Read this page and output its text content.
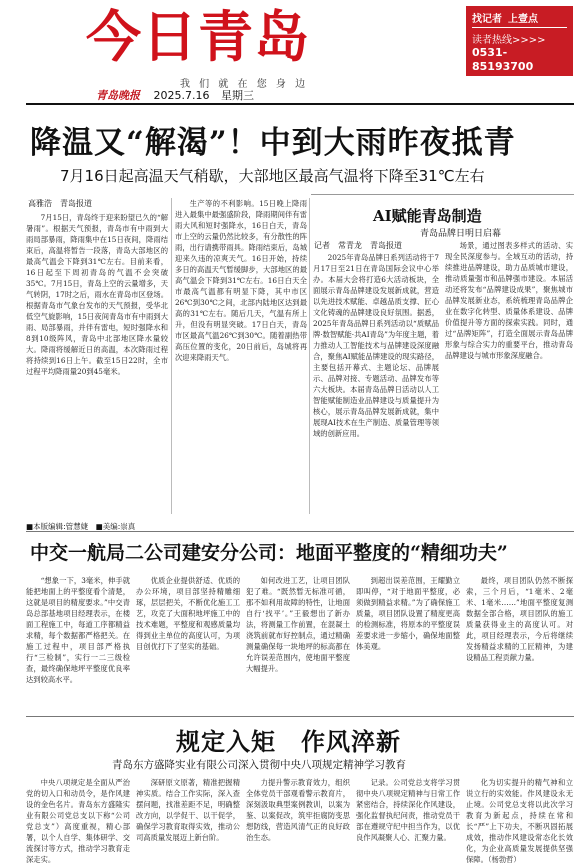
今日青岛
我 们 就 在 您 身 边
青岛晚报 2025.7.16 星期三
找记者 上壹点
读者热线>>>>
0531-85193700
13869196706
降温又“解渴”！中到大雨昨夜抵青
7月16日起高温天气稍歇，大部地区最高气温将下降至31℃左右
高雅浩　青岛报道

7月15日，青岛终于迎来盼望已久的“解暑雨”。根据天气预报，青岛市有中雨到大雨局部暴雨，降雨集中在15日夜间，降雨结束后，高温将暂告一段落，青岛大部地区的最高气温会下降到31℃左右。目前来看，16日起至下周初青岛的气温不会突破35℃。7月15日，青岛上空的云量增多，天气转阴，17时之后，雨水在青岛市区登场。根据青岛市气象台发布的天气预报，受华北低空气旋影响，15日夜间青岛市有中雨到大雨、局部暴雨，并伴有雷电，短时强降水和8到10级阵风，青岛中北部地区降水量较大。降雨将缓解近日的高温，本次降雨过程将持续到16日上午。截至15日22时，全市过程平均降雨量20到45毫米。

生产等的不利影响。15日晚上降雨进入最集中最强盛阶段，降雨期间伴有雷雨大风和短时强降水，16日白天，青岛市上空的云量仍然比较多，有分散性的阵雨，出行请携带雨具。降雨结束后，岛城迎来久违的凉爽天气。16日开始，持续多日的高温天气暂缓脚步，大部地区的最高气温会下降到31℃左右。16日白天全市最高气温都有明显下降，其中市区26℃到30℃之间，北部内陆地区达到最高的31℃左右。随后几天，气温有所上升，但没有明显突破。17日白天，青岛市区最高气温26℃到30℃。随着副热带高压位置的变化，20日前后，岛城将再次迎来降雨天气。

AI赋能青岛制造
青岛品牌日明日启幕
记者　常青龙　青岛报道

2025年青岛品牌日系列活动将于7月17日至21日在青岛国际会议中心举办。本届大会将打造6大活动板块，全面展示青岛品牌建设发展新成就，营造以先进技术赋能、卓越品质支撑、匠心文化铸魂的品牌建设良好氛围。据悉，2025年青岛品牌日系列活动以“质赋品牌·数智赋能·共AI青岛”为年度主题，着力推动人工智能技术与品牌建设深度融合，聚焦AI赋能品牌建设的现实路径，主要包括开幕式、主题论坛、品牌展示、品牌对接、专题活动、品牌发布等六大板块。本届青岛品牌日活动以人工智能赋能制造业品牌建设与质量提升为核心，展示青岛品牌发展新成就，集中展现AI技术在生产制造、质量管理等领域的创新应用。

场景，通过图表多样式的活动、实现全民深度参与。全域互动的活动，持续推进品牌建设，助力品质城市建设，推动质量强市和品牌强市建设。本届活动还将发布“品牌建设成果”，聚焦城市品牌发展新业态，系统梳理青岛品牌企业在数字化转型、质量体系建设、品牌价值提升等方面的探索实践。同时，通过“品牌矩阵”，打造全面展示青岛品牌形象与综合实力的重要平台，推动青岛品牌建设与城市形象深度融合。

■本版编辑:管慧婕　■美编:崇真
中交一航局二公司建安分公司：地面平整度的“精细功夫”

“想象一下，3毫米，伸手就能把地面上的平整度看个清楚，这就是项目的精度要求。”中交青岛总部基地项目经理表示，在楼面工程施工中，每道工序都精益求精，每个数据都严格把关。在施工过程中，项目部严格执行“三检制”，实行一二三级检查，最终确保地坪平整度优良率达到较高水平。

优质企业提供舒适、优质的办公环境，项目部坚持精雕细琢，层层把关，不断优化施工工艺，攻克了大面积地坪施工中的技术难题，平整度和观感质量均得到业主单位的高度认可，为项目创优打下了坚实的基础。

如何改进工艺，让项目团队犯了难。“既然暂无标准可循，那不如利用故障的特性，让地面自行‘找平’。”王毅想出了新办法，将测量工作前置，在混凝土浇筑前就布好控制点，通过精确测量确保每一块地坪的标高都在允许误差范围内，使地面平整度大幅提升。

到超出误差范围，王耀勤立即叫停，“对于地面平整度，必须做到精益求精。”为了确保施工质量，项目团队设置了精度更高的检测标准，将原本的平整度误差要求进一步缩小，确保地面整体美观。

最终，项目团队仍然不断探索，三个月后，“1毫米、2毫米、1毫米……”地面平整度复测数据全部合格，项目团队的施工质量获得业主的高度认可。对此，项目经理表示，今后将继续发扬精益求精的工匠精神，为建设精品工程贡献力量。

规定入矩　作风淬新
青岛东方盛降实业有限公司深入贯彻中央八项规定精神学习教育

中央八项规定是全面从严治党的切入口和动员令，是作风建设的金色名片。青岛东方盛隆实业有限公司党总支以下称“公司党总支”）高度重视，精心部署，以个人自学、集体研学、交流探讨等方式，推动学习教育走深走实。

深研原文原著，精准把握精神实质。结合工作实际，深入查摆问题，找准差距不足，明确整改方向，以学促干、以干促学，确保学习教育取得实效，推动公司高质量发展迈上新台阶。

力提升警示教育效力，组织全体党员干部观看警示教育片，深刻汲取典型案例教训，以案为鉴、以案促改，筑牢拒腐防变思想防线，营造风清气正的良好政治生态。

记录。公司党总支将学习贯彻中央八项规定精神与日常工作紧密结合，持续深化作风建设，强化监督执纪问责，推动党员干部在遵规守纪中担当作为，以优良作风凝聚人心、汇聚力量。

化为切实提升的精气神和立说立行的实效能。作风建设永无止境。公司党总支将以此次学习教育为新起点，持续在常和长“严”上下功夫，不断巩固拓展成效，推动作风建设常态化长效化，为企业高质量发展提供坚强保障。（杨勃哲）
